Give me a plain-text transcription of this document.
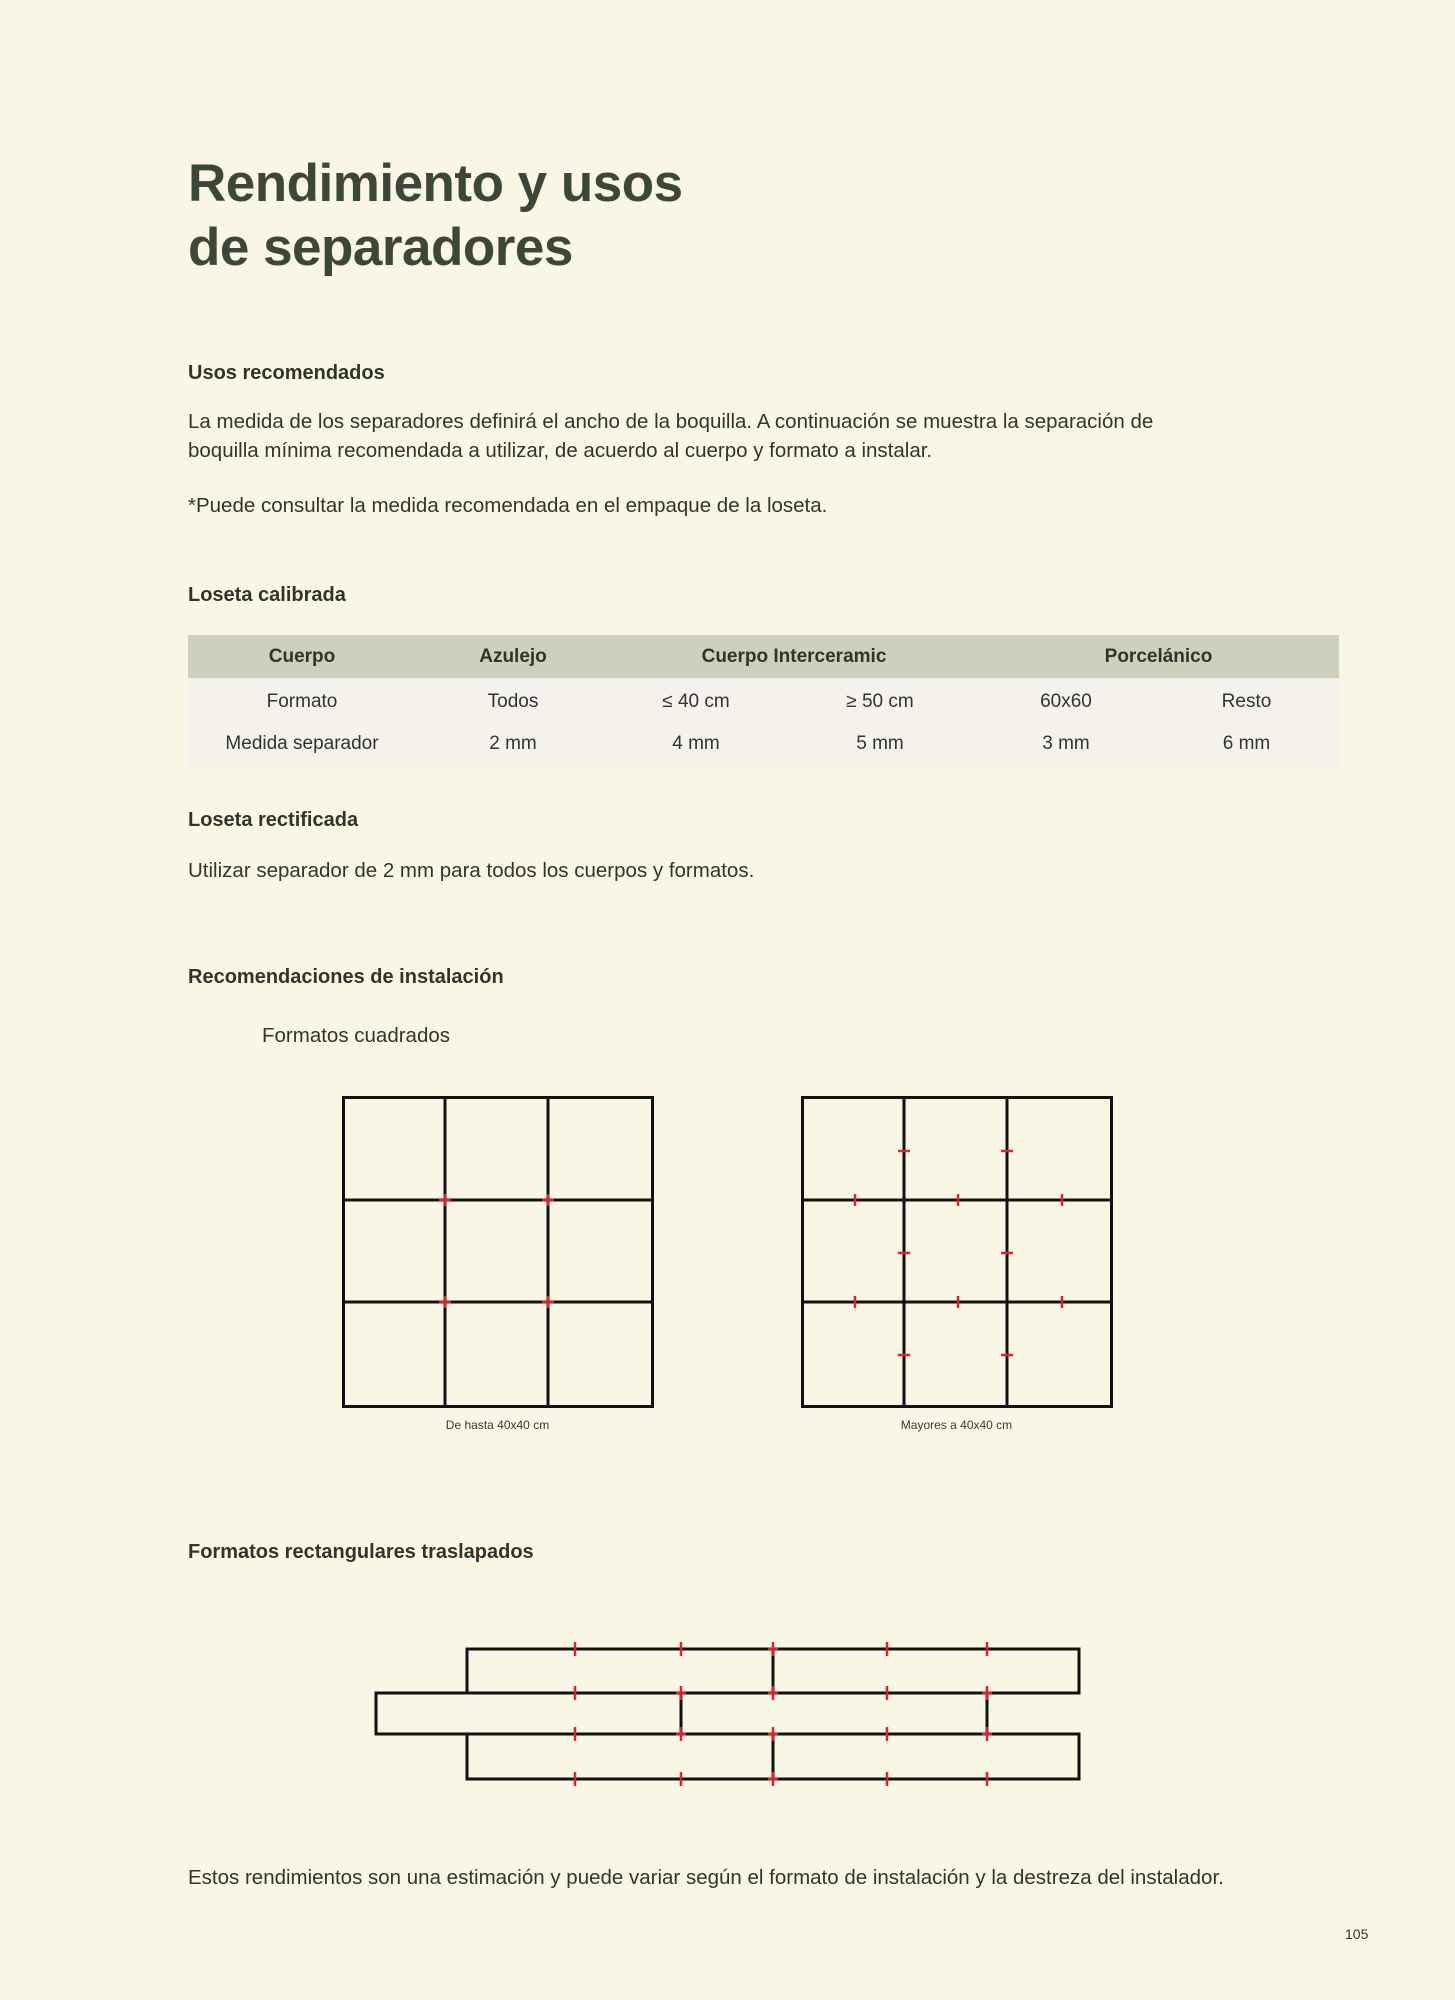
Rendimiento y usos
de separadores
Usos recomendados
La medida de los separadores definirá el ancho de la boquilla. A continuación se muestra la separación de
boquilla mínima recomendada a utilizar, de acuerdo al cuerpo y formato a instalar.
*Puede consultar la medida recomendada en el empaque de la loseta.
Loseta calibrada
Cuerpo	Azulejo	Cuerpo Interceramic		Porcelánico	
Formato	Todos	≤ 40 cm	≥ 50 cm	60x60	Resto
Medida separador	2 mm	4 mm	5 mm	3 mm	6 mm
Loseta rectificada
Utilizar separador de 2 mm para todos los cuerpos y formatos.
Recomendaciones de instalación
Formatos cuadrados
De hasta 40x40 cm	Mayores a 40x40 cm
Formatos rectangulares traslapados
Estos rendimientos son una estimación y puede variar según el formato de instalación y la destreza del instalador.
105
